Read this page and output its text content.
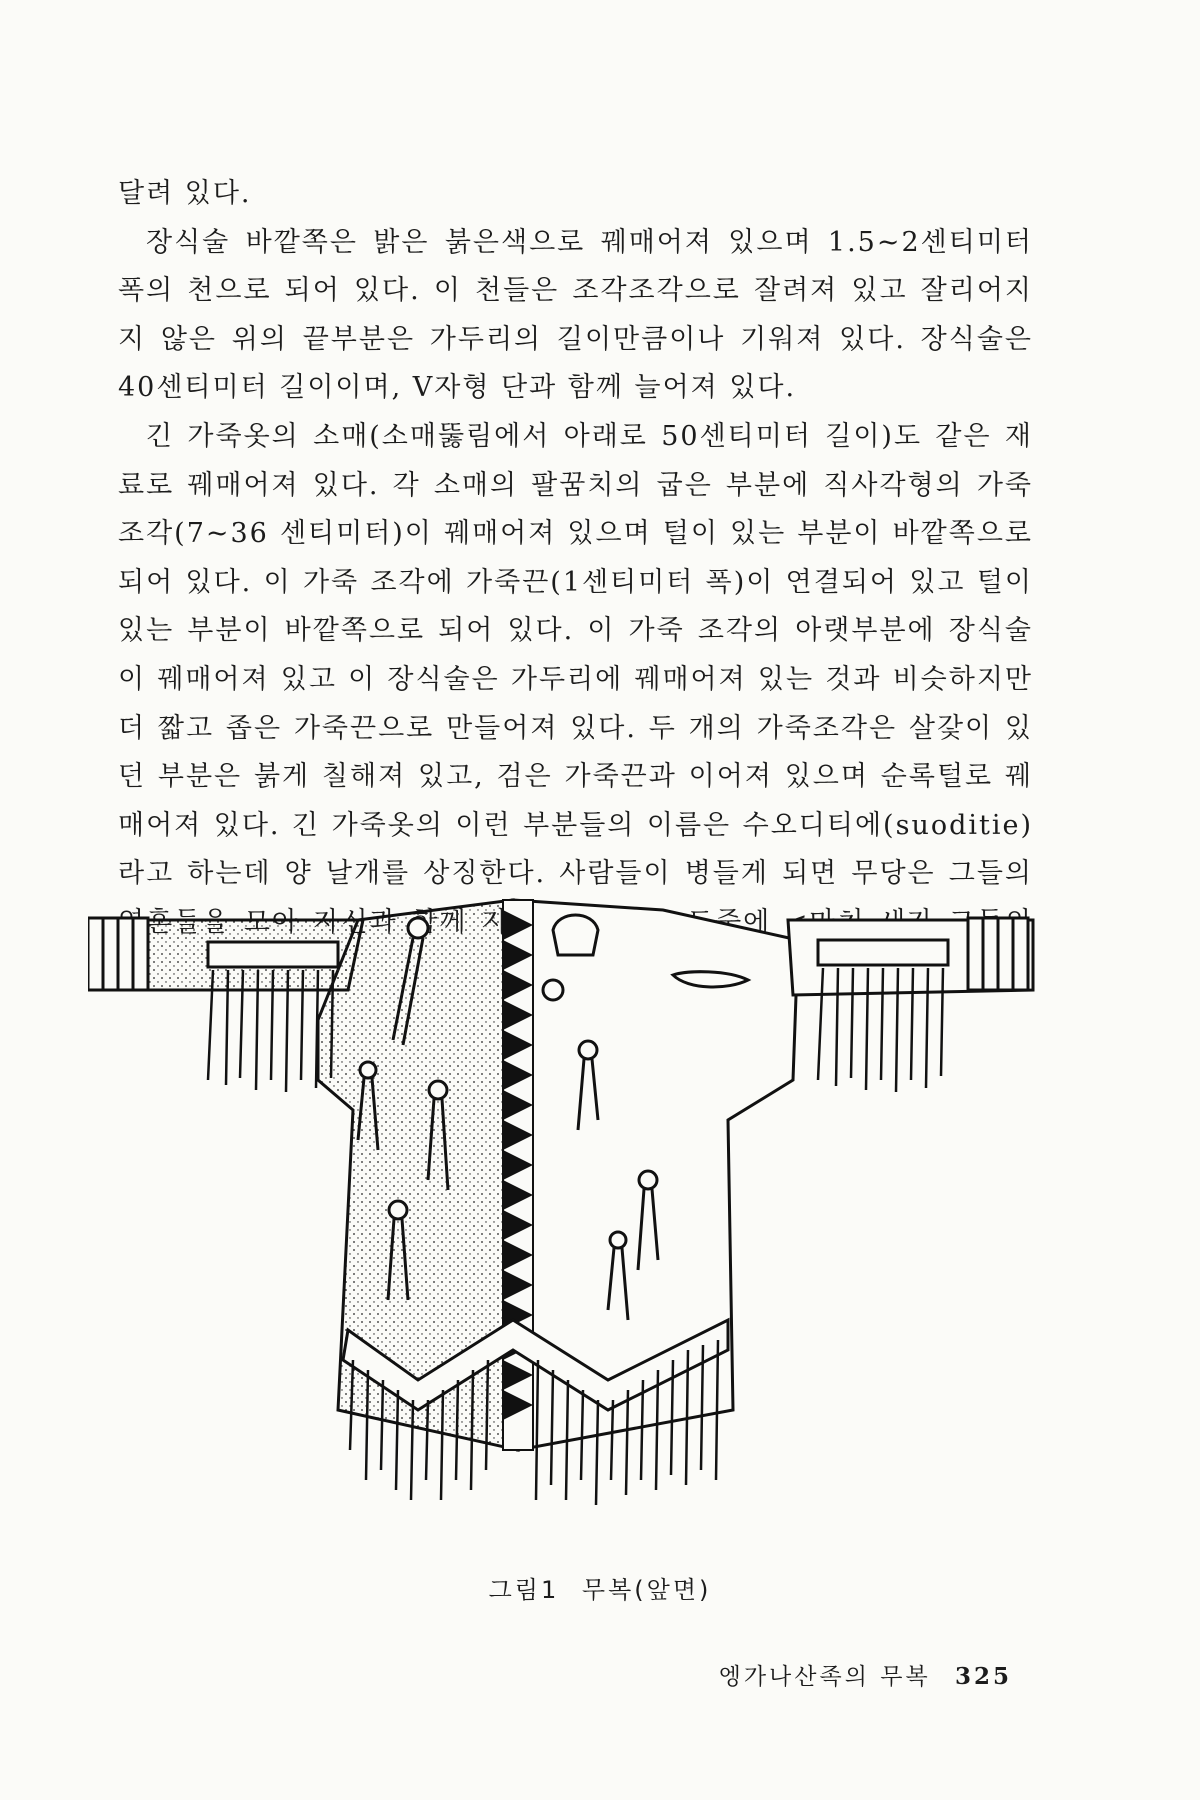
달려 있다.

장식술 바깥쪽은 밝은 붉은색으로 꿰매어져 있으며 1.5~2센티미터 폭의 천으로 되어 있다. 이 천들은 조각조각으로 잘려져 있고 잘리어지지 않은 위의 끝부분은 가두리의 길이만큼이나 기워져 있다. 장식술은 40센티미터 길이이며, V자형 단과 함께 늘어져 있다.

긴 가죽옷의 소매(소매뚫림에서 아래로 50센티미터 길이)도 같은 재료로 꿰매어져 있다. 각 소매의 팔꿈치의 굽은 부분에 직사각형의 가죽조각(7~36 센티미터)이 꿰매어져 있으며 털이 있는 부분이 바깥쪽으로 되어 있다. 이 가죽 조각에 가죽끈(1센티미터 폭)이 연결되어 있고 털이 있는 부분이 바깥쪽으로 되어 있다. 이 가죽 조각의 아랫부분에 장식술이 꿰매어져 있고 이 장식술은 가두리에 꿰매어져 있는 것과 비슷하지만 더 짧고 좁은 가죽끈으로 만들어져 있다. 두 개의 가죽조각은 살갗이 있던 부분은 붉게 칠해져 있고, 검은 가죽끈과 이어져 있으며 순록털로 꿰매어져 있다. 긴 가죽옷의 이런 부분들의 이름은 수오디티에(suoditie)라고 하는데 양 날개를 상징한다. 사람들이 병들게 되면 무당은 그들의 도중에

그림1 무복(앞면)
엥가나산족의 무복 325
